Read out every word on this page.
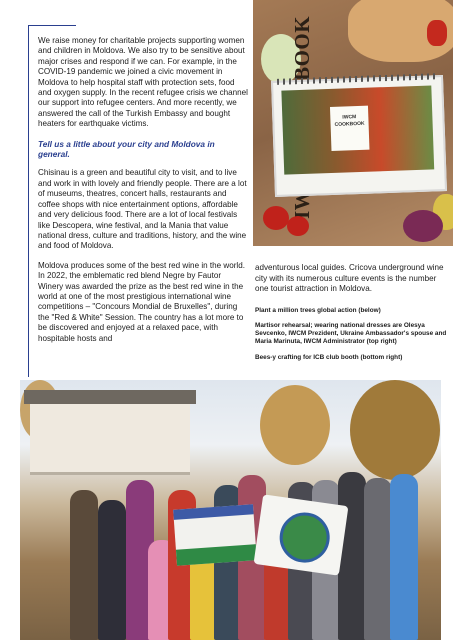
We raise money for charitable projects supporting women and children in Moldova. We also try to be sensitive about major crises and respond if we can. For example, in the COVID-19 pandemic we joined a civic movement in Moldova to help hospital staff with protection sets, food and oxygen supply. In the recent refugee crisis we channel our support into refugee centers. And more recently, we answered the call of the Turkish Embassy and bought heaters for earthquake victims.

Tell us a little about your city and Moldova in general.

Chisinau is a green and beautiful city to visit, and to live and work in with lovely and friendly people. There are a lot of museums, theatres, concert halls, restaurants and coffee shops with nice entertainment options, affordable and very delicious food. There are a lot of local festivals like Descopera, wine festival, and la Mania that value national dress, culture and traditions, history, and the wine and food of Moldova.

Moldova produces some of the best red wine in the world. In 2022, the emblematic red blend Negre by Fautor Winery was awarded the prize as the best red wine in the world at one of the most prestigious international wine competitions – "Concours Mondial de Bruxelles", during the "Red & White" Session. The country has a lot more to be discovered and enjoyed at a relaxed pace, with hospitable hosts and

IWCM COOKBOOK

adventurous local guides. Cricova underground wine city with its numerous culture events is the number one tourist attraction in Moldova.

Plant a million trees global action (below)
Martisor rehearsal; wearing national dresses are Olesya Sevcenko, IWCM Prezident, Ukraine Ambassador's spouse and Maria Marinuta, IWCM Administrator (top right)
Bees-y crafting for ICB club booth (bottom right)
